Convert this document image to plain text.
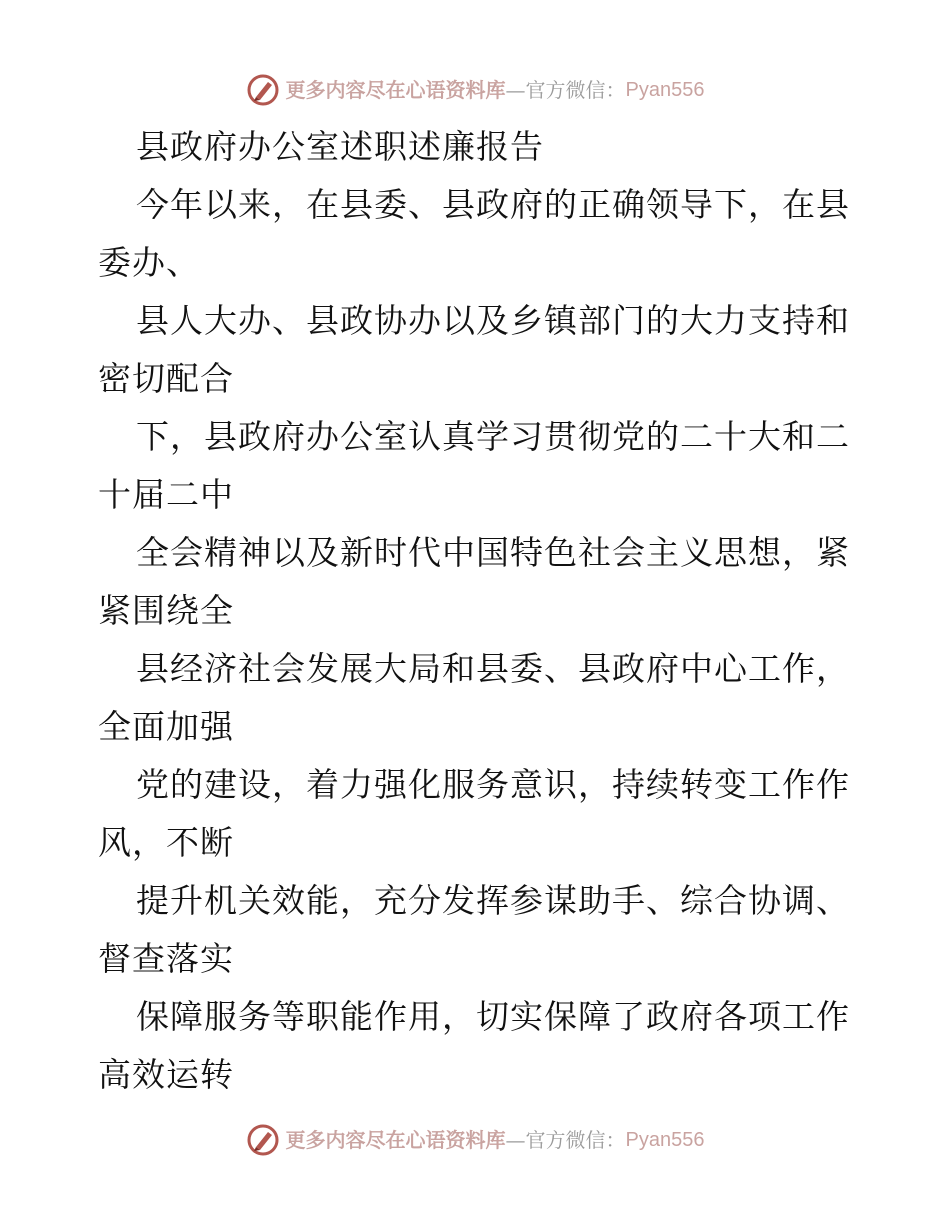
更多内容尽在心语资料库 — 官方微信： Pyan556
县政府办公室述职述廉报告

今年以来，在县委、县政府的正确领导下，在县
委办、

县人大办、县政协办以及乡镇部门的大力支持和
密切配合

下，县政府办公室认真学习贯彻党的二十大和二
十届二中

全会精神以及新时代中国特色社会主义思想，紧
紧围绕全

县经济社会发展大局和县委、县政府中心工作，
全面加强

党的建设，着力强化服务意识，持续转变工作作
风，不断

提升机关效能，充分发挥参谋助手、综合协调、
督查落实

保障服务等职能作用，切实保障了政府各项工作
高效运转

更多内容尽在心语资料库 — 官方微信： Pyan556
